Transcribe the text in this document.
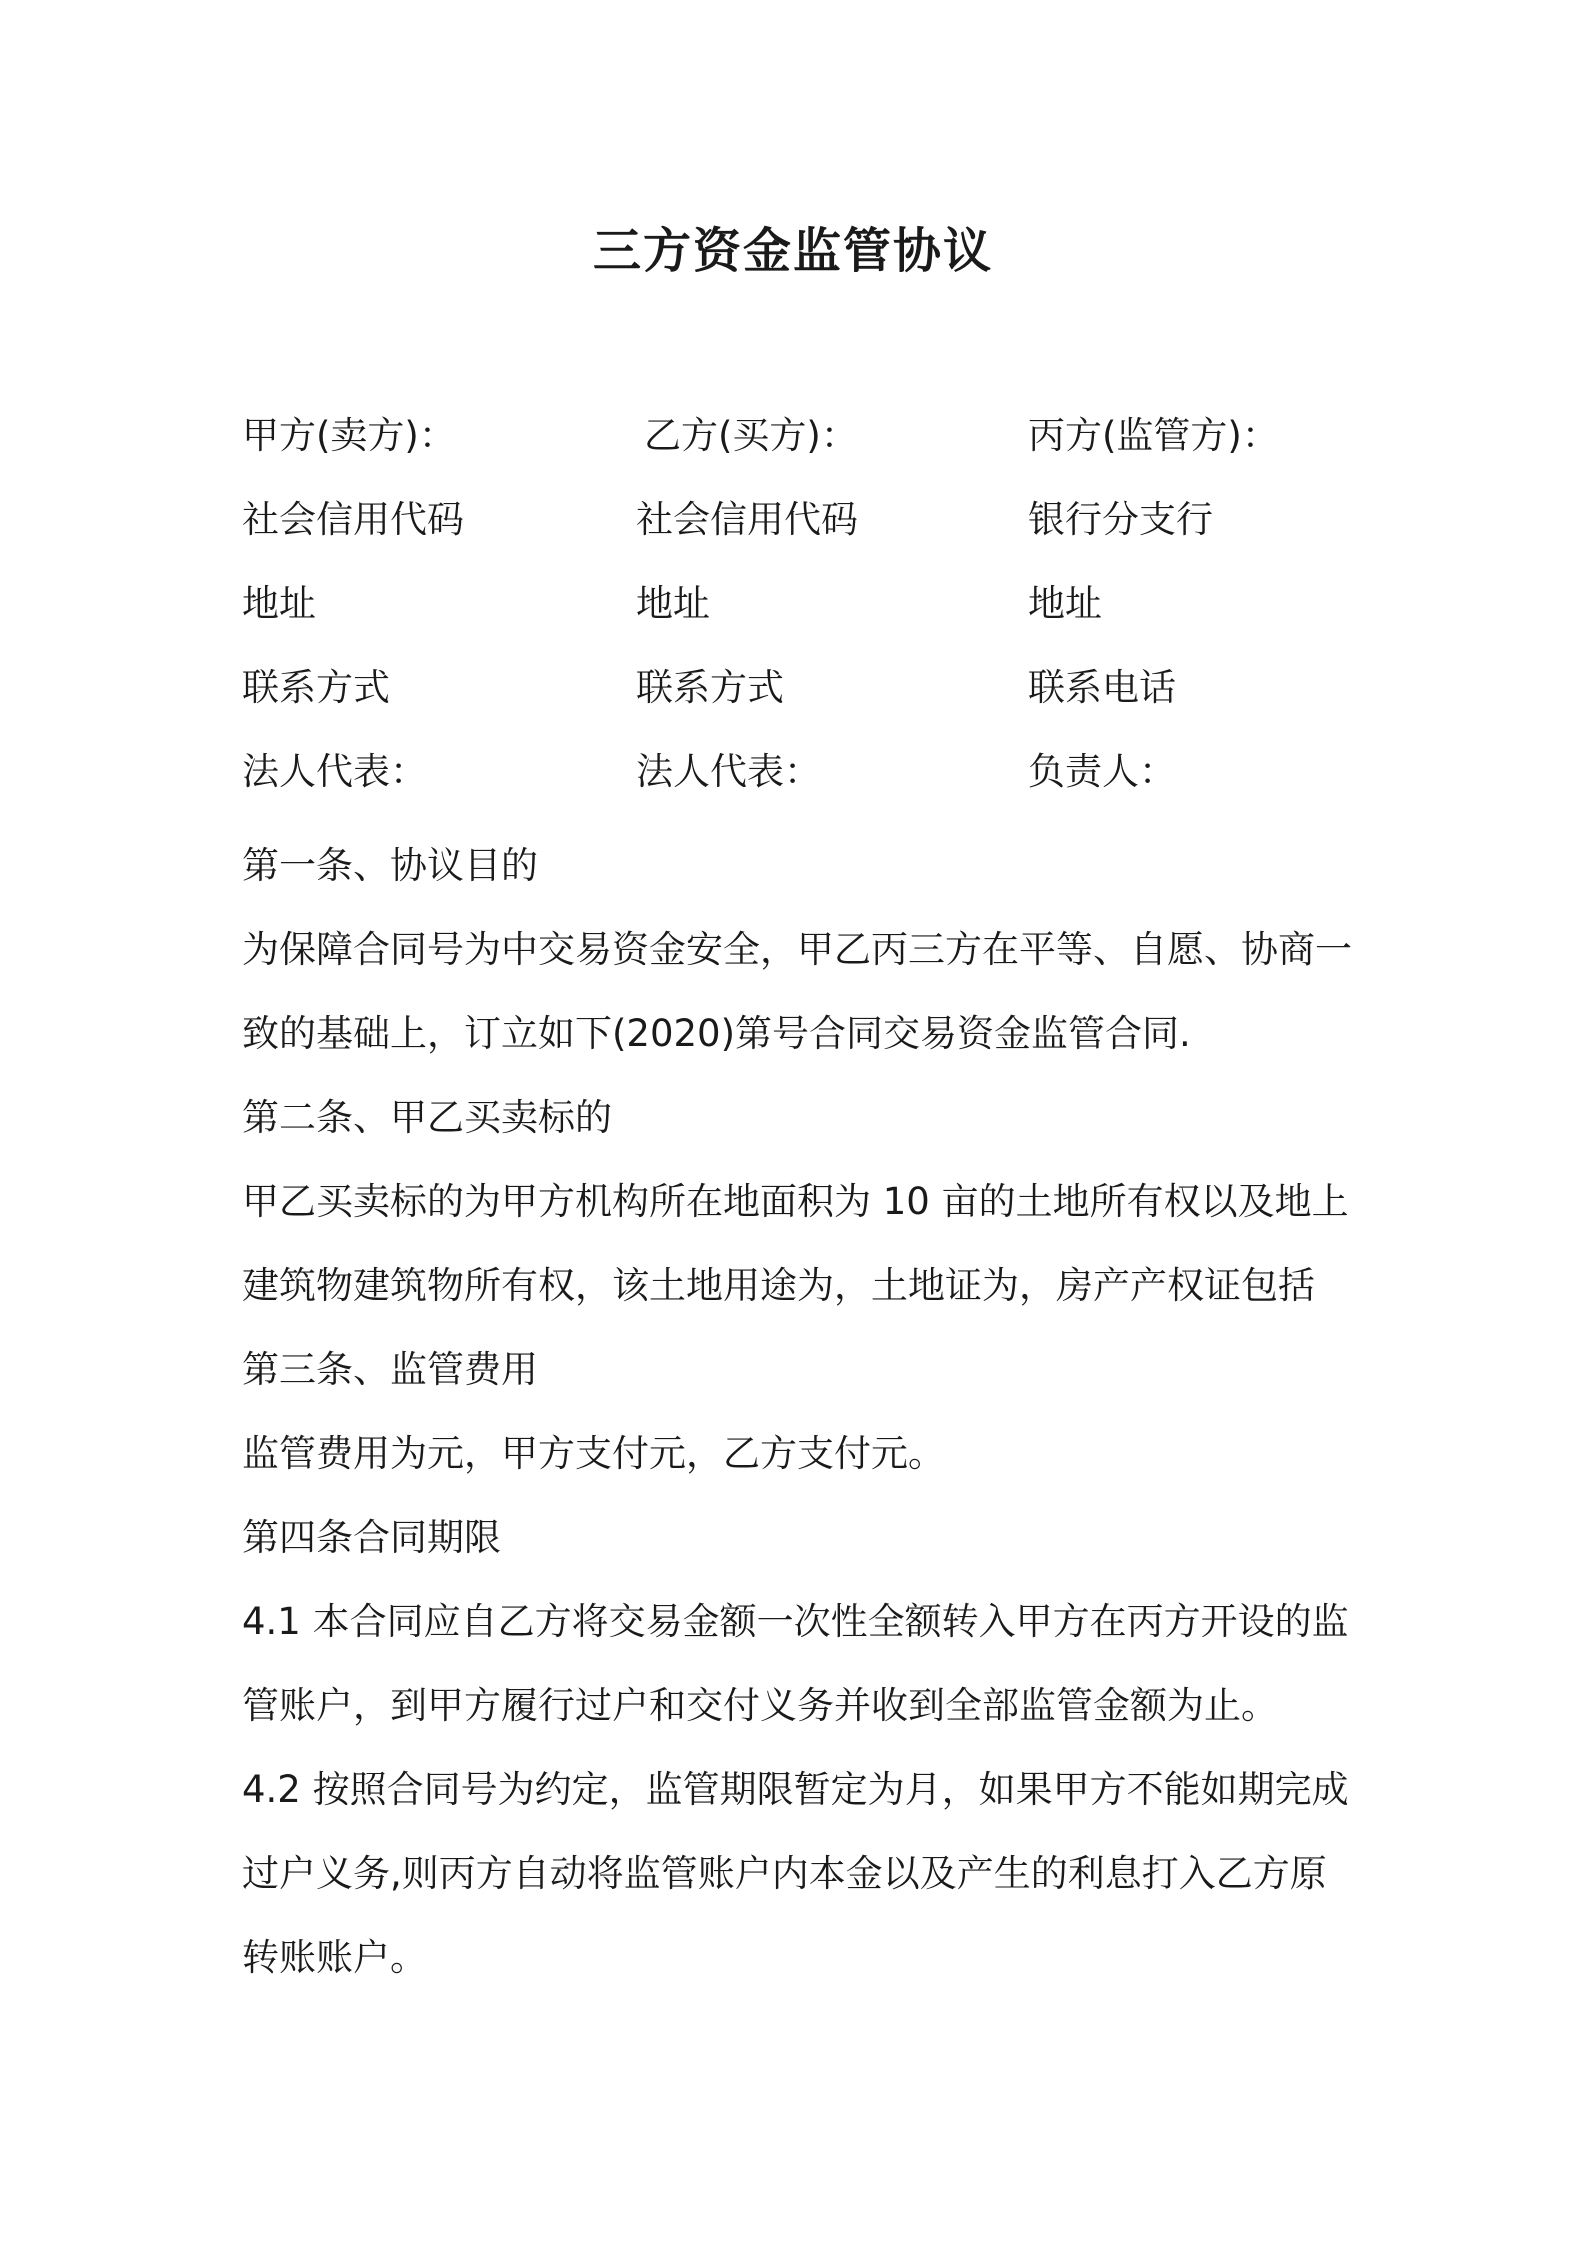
三方资金监管协议
甲方(卖方)：	乙方(买方)：	丙方(监管方)：
社会信用代码	社会信用代码	银行分支行
地址	地址	地址
联系方式	联系方式	联系电话
法人代表：	法人代表：	负责人：

第一条、协议目的

为保障合同号为中交易资金安全，甲乙丙三方在平等、自愿、协商一

致的基础上，订立如下(2020)第号合同交易资金监管合同.

第二条、甲乙买卖标的

甲乙买卖标的为甲方机构所在地面积为 10 亩的土地所有权以及地上

建筑物建筑物所有权，该土地用途为，土地证为，房产产权证包括

第三条、监管费用

监管费用为元，甲方支付元，乙方支付元。

第四条合同期限

4.1 本合同应自乙方将交易金额一次性全额转入甲方在丙方开设的监

管账户，到甲方履行过户和交付义务并收到全部监管金额为止。

4.2 按照合同号为约定，监管期限暂定为月，如果甲方不能如期完成

过户义务,则丙方自动将监管账户内本金以及产生的利息打入乙方原

转账账户。
